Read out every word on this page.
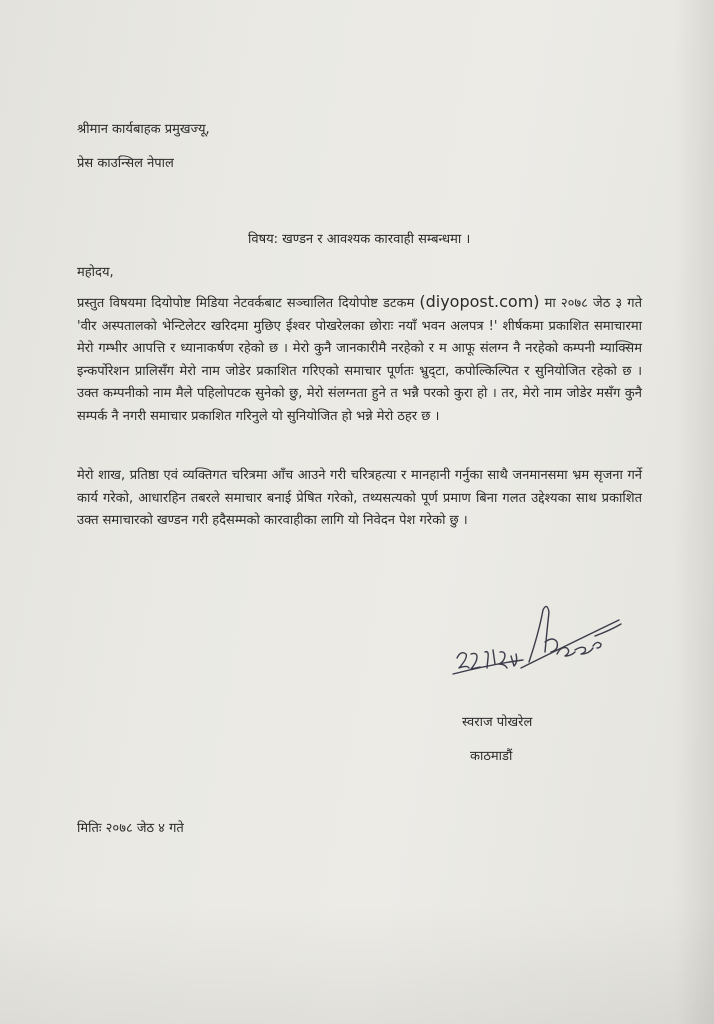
श्रीमान कार्यबाहक प्रमुखज्यू,
प्रेस काउन्सिल नेपाल
विषय: खण्डन र आवश्यक कारवाही सम्बन्धमा ।
महोदय,
प्रस्तुत विषयमा दियोपोष्ट मिडिया नेटवर्कबाट सञ्चालित दियोपोष्ट डटकम (diyopost.com) मा २०७८ जेठ ३ गते 'वीर अस्पतालको भेन्टिलेटर खरिदमा मुछिए ईश्वर पोखरेलका छोराः नयाँ भवन अलपत्र !' शीर्षकमा प्रकाशित समाचारमा मेरो गम्भीर आपत्ति र ध्यानाकर्षण रहेको छ । मेरो कुनै जानकारीमै नरहेको र म आफू संलग्न नै नरहेको कम्पनी म्याक्सिम इन्कर्पोरेशन प्रालिसँग मेरो नाम जोडेर प्रकाशित गरिएको समाचार पूर्णतः भ्रुद्टा, कपोल्किल्पित र सुनियोजित रहेको छ । उक्त कम्पनीको नाम मैले पहिलोपटक सुनेको छु, मेरो संलग्नता हुने त भन्नै परको कुरा हो । तर, मेरो नाम जोडेर मसँग कुनै सम्पर्क नै नगरी समाचार प्रकाशित गरिनुले यो सुनियोजित हो भन्ने मेरो ठहर छ ।
मेरो शाख, प्रतिष्ठा एवं व्यक्तिगत चरित्रमा आँच आउने गरी चरित्रहत्या र मानहानी गर्नुका साथै जनमानसमा भ्रम सृजना गर्ने कार्य गरेको, आधारहिन तबरले समाचार बनाई प्रेषित गरेको, तथ्यसत्यको पूर्ण प्रमाण बिना गलत उद्देश्यका साथ प्रकाशित उक्त समाचारको खण्डन गरी हदैसम्मको कारवाहीका लागि यो निवेदन पेश गरेको छु ।
स्वराज पोखरेल
काठमाडौं
मितिः २०७८ जेठ ४ गते
